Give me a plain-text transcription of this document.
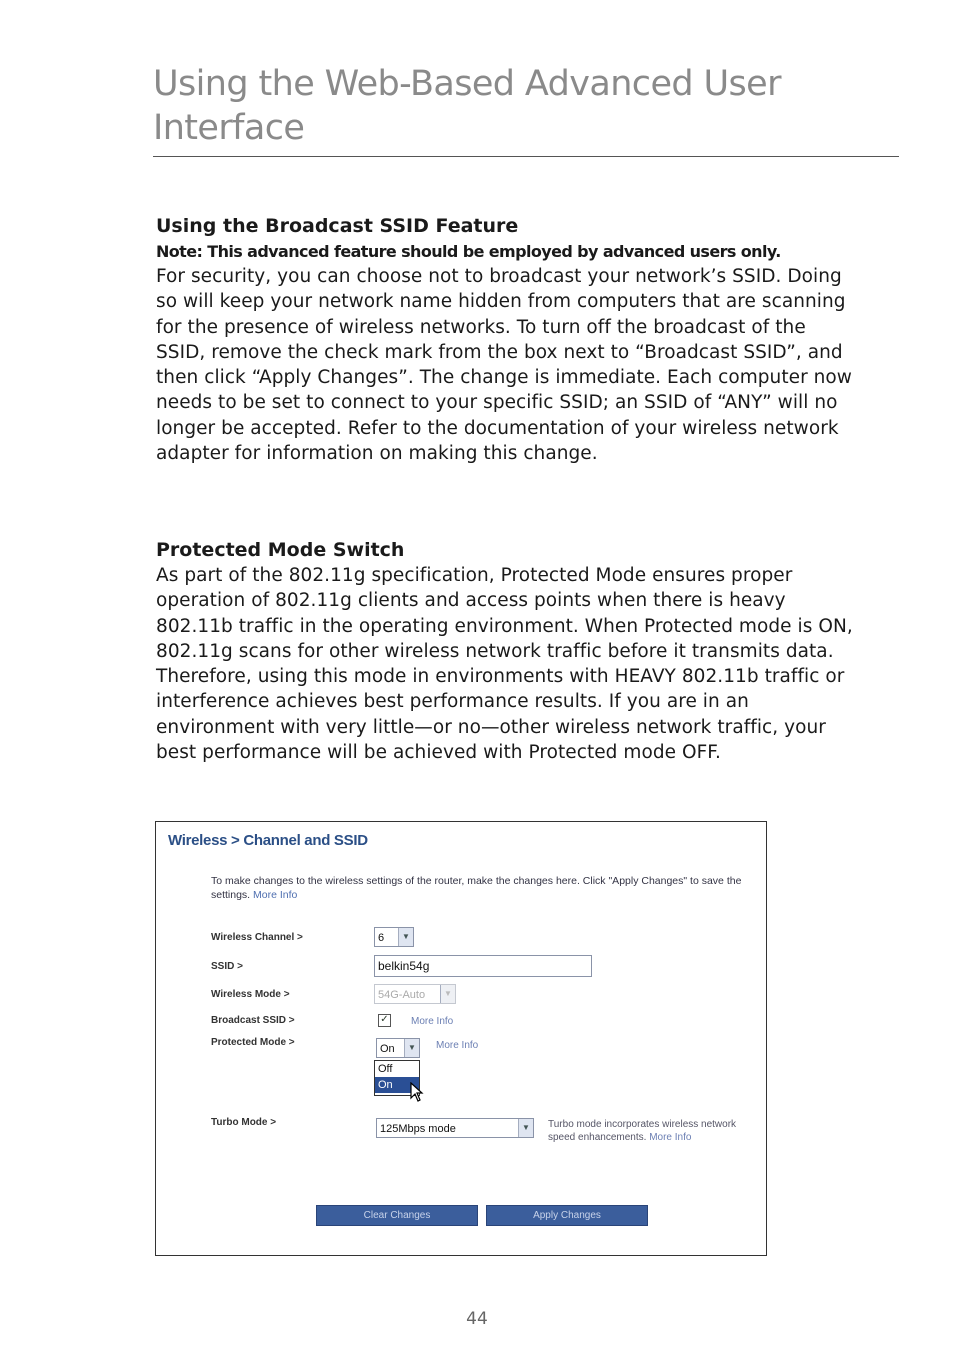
Using the Web-Based Advanced User Interface
Using the Broadcast SSID Feature

Note: This advanced feature should be employed by advanced users only.

For security, you can choose not to broadcast your network’s SSID. Doing so will keep your network name hidden from computers that are scanning for the presence of wireless networks. To turn off the broadcast of the SSID, remove the check mark from the box next to “Broadcast SSID”, and then click “Apply Changes”. The change is immediate. Each computer now needs to be set to connect to your specific SSID; an SSID of “ANY” will no longer be accepted. Refer to the documentation of your wireless network adapter for information on making this change.

Protected Mode Switch

As part of the 802.11g specification, Protected Mode ensures proper operation of 802.11g clients and access points when there is heavy 802.11b traffic in the operating environment. When Protected mode is ON, 802.11g scans for other wireless network traffic before it transmits data. Therefore, using this mode in environments with HEAVY 802.11b traffic or interference achieves best performance results. If you are in an environment with very little—or no—other wireless network traffic, your best performance will be achieved with Protected mode OFF.

Wireless > Channel and SSID
To make changes to the wireless settings of the router, make the changes here. Click "Apply Changes" to save the settings. More Info
Wireless Channel >	6	▼
SSID >	belkin54g
Wireless Mode >	54G-Auto	▼
Broadcast SSID >	✓ More Info
Protected Mode >
On	▼	More Info
Off
On
Turbo Mode >
125Mbps mode	▼	Turbo mode incorporates wireless network speed enhancements. More Info
Clear Changes	Apply Changes
44
